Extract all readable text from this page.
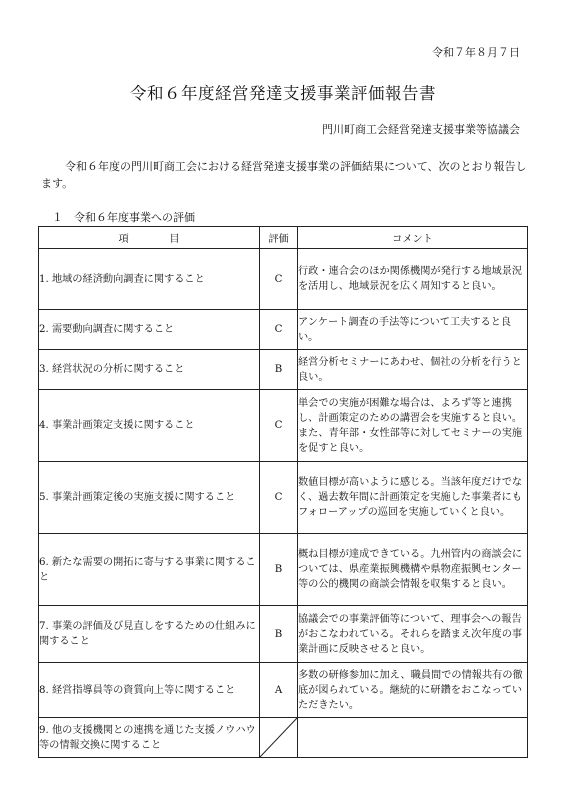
令和７年８月７日
令和６年度経営発達支援事業評価報告書
門川町商工会経営発達支援事業等協議会
令和６年度の門川町商工会における経営発達支援事業の評価結果について、次のとおり報告します。
１　令和６年度事業への評価
項　　　　目	評価	コメント
1. 地域の経済動向調査に関すること	C	行政・連合会のほか関係機関が発行する地域景況を活用し、地域景況を広く周知すると良い。
2. 需要動向調査に関すること	C	アンケート調査の手法等について工夫すると良い。
3. 経営状況の分析に関すること	B	経営分析セミナーにあわせ、個社の分析を行うと良い。
4. 事業計画策定支援に関すること	C	単会での実施が困難な場合は、よろず等と連携し、計画策定のための講習会を実施すると良い。また、青年部・女性部等に対してセミナーの実施を促すと良い。
5. 事業計画策定後の実施支援に関すること	C	数値目標が高いように感じる。当該年度だけでなく、過去数年間に計画策定を実施した事業者にもフォローアップの巡回を実施していくと良い。
6. 新たな需要の開拓に寄与する事業に関すること	B	概ね目標が達成できている。九州管内の商談会については、県産業振興機構や県物産振興センター等の公的機関の商談会情報を収集すると良い。
7. 事業の評価及び見直しをするための仕組みに関すること	B	協議会での事業評価等について、理事会への報告がおこなわれている。それらを踏まえ次年度の事業計画に反映させると良い。
8. 経営指導員等の資質向上等に関すること	A	多数の研修参加に加え、職員間での情報共有の徹底が図られている。継続的に研鑽をおこなっていただきたい。
9. 他の支援機関との連携を通じた支援ノウハウ等の情報交換に関すること	
